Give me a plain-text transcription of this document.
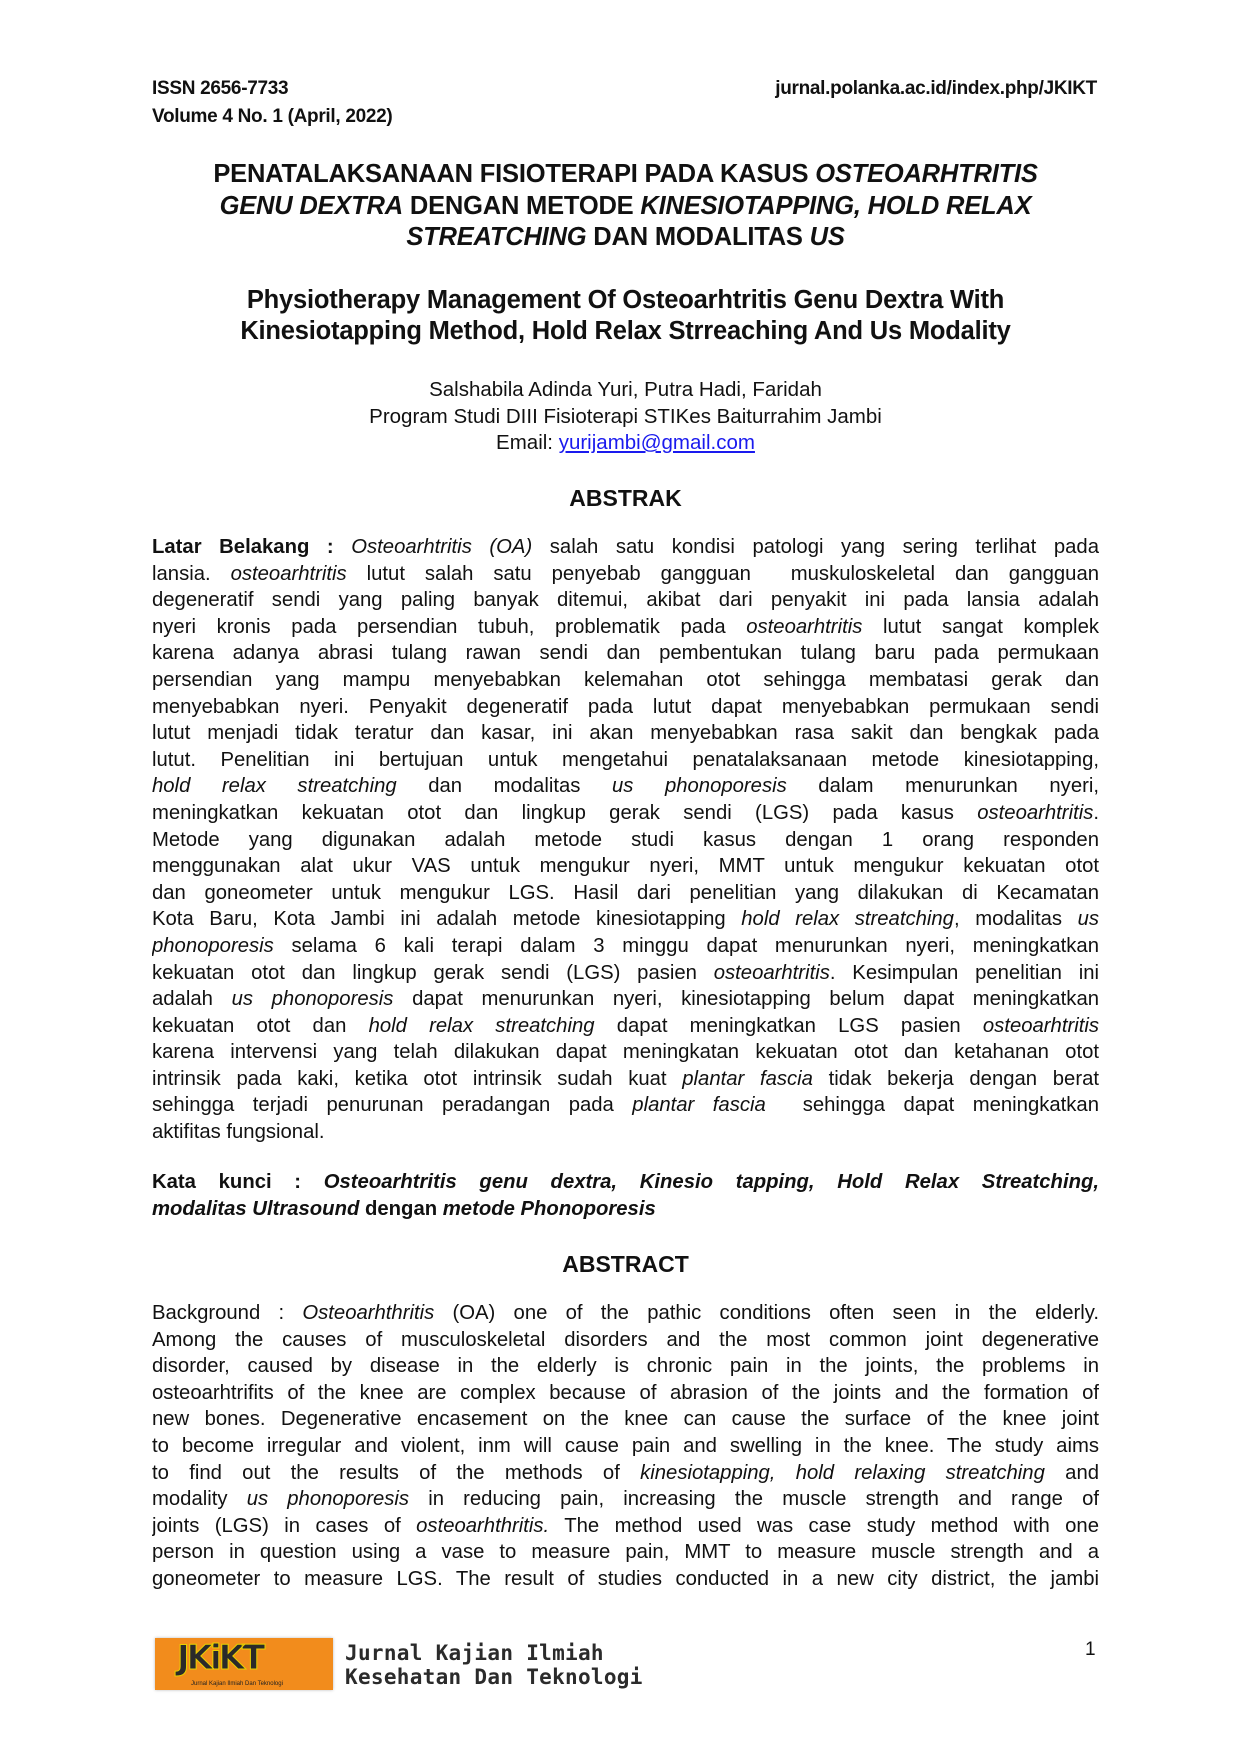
ISSN 2656-7733
Volume 4 No. 1 (April, 2022)
jurnal.polanka.ac.id/index.php/JKIKT
PENATALAKSANAAN FISIOTERAPI PADA KASUS OSTEOARHTRITIS
GENU DEXTRA DENGAN METODE KINESIOTAPPING, HOLD RELAX
STREATCHING DAN MODALITAS US
Physiotherapy Management Of Osteoarhtritis Genu Dextra With
Kinesiotapping Method, Hold Relax Strreaching And Us Modality
Salshabila Adinda Yuri, Putra Hadi, Faridah
Program Studi DIII Fisioterapi STIKes Baiturrahim Jambi
Email: yurijambi@gmail.com
ABSTRAK
Latar Belakang : Osteoarhtritis (OA) salah satu kondisi patologi yang sering terlihat pada
lansia. osteoarhtritis lutut salah satu penyebab gangguan  muskuloskeletal dan gangguan
degeneratif sendi yang paling banyak ditemui, akibat dari penyakit ini pada lansia adalah
nyeri kronis pada persendian tubuh, problematik pada osteoarhtritis lutut sangat komplek
karena adanya abrasi tulang rawan sendi dan pembentukan tulang baru pada permukaan
persendian yang mampu menyebabkan kelemahan otot sehingga membatasi gerak dan
menyebabkan nyeri. Penyakit degeneratif pada lutut dapat menyebabkan permukaan sendi
lutut menjadi tidak teratur dan kasar, ini akan menyebabkan rasa sakit dan bengkak pada
lutut. Penelitian ini bertujuan untuk mengetahui penatalaksanaan metode kinesiotapping,
hold relax streatching dan modalitas us phonoporesis dalam menurunkan nyeri,
meningkatkan kekuatan otot dan lingkup gerak sendi (LGS) pada kasus osteoarhtritis.
Metode yang digunakan adalah metode studi kasus dengan 1 orang responden
menggunakan alat ukur VAS untuk mengukur nyeri, MMT untuk mengukur kekuatan otot
dan goneometer untuk mengukur LGS. Hasil dari penelitian yang dilakukan di Kecamatan
Kota Baru, Kota Jambi ini adalah metode kinesiotapping hold relax streatching, modalitas us
phonoporesis selama 6 kali terapi dalam 3 minggu dapat menurunkan nyeri, meningkatkan
kekuatan otot dan lingkup gerak sendi (LGS) pasien osteoarhtritis. Kesimpulan penelitian ini
adalah us phonoporesis dapat menurunkan nyeri, kinesiotapping belum dapat meningkatkan
kekuatan otot dan hold relax streatching dapat meningkatkan LGS pasien osteoarhtritis
karena intervensi yang telah dilakukan dapat meningkatan kekuatan otot dan ketahanan otot
intrinsik pada kaki, ketika otot intrinsik sudah kuat plantar fascia tidak bekerja dengan berat
sehingga terjadi penurunan peradangan pada plantar fascia  sehingga dapat meningkatkan
aktifitas fungsional.
Kata kunci : Osteoarhtritis genu dextra, Kinesio tapping, Hold Relax Streatching,
modalitas Ultrasound dengan metode Phonoporesis
ABSTRACT
Background : Osteoarhthritis (OA) one of the pathic conditions often seen in the elderly.
Among the causes of musculoskeletal disorders and the most common joint degenerative
disorder, caused by disease in the elderly is chronic pain in the joints, the problems in
osteoarhtrifits of the knee are complex because of abrasion of the joints and the formation of
new bones. Degenerative encasement on the knee can cause the surface of the knee joint
to become irregular and violent, inm will cause pain and swelling in the knee. The study aims
to find out the results of the methods of kinesiotapping, hold relaxing streatching and
modality us phonoporesis in reducing pain, increasing the muscle strength and range of
joints (LGS) in cases of osteoarhthritis. The method used was case study method with one
person in question using a vase to measure pain, MMT to measure muscle strength and a
goneometer to measure LGS. The result of studies conducted in a new city district, the jambi
JKiKT
Jurnal Kajian Ilmiah Dan Teknologi
Jurnal Kajian Ilmiah
Kesehatan Dan Teknologi
1
